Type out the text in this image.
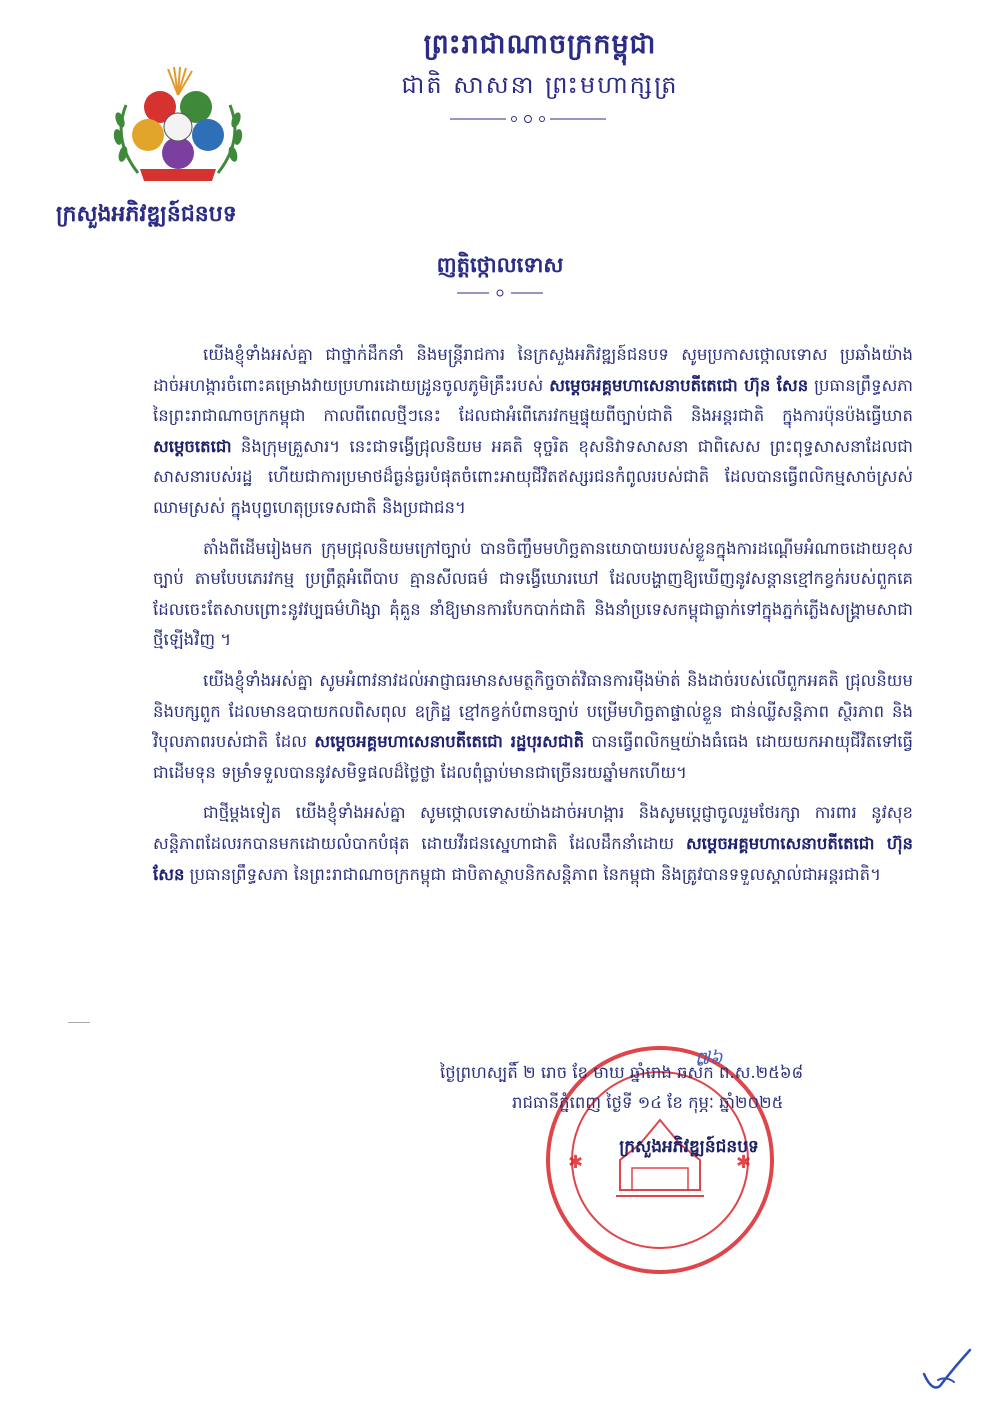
ព្រះរាជាណាចក្រកម្ពុជា
ជាតិ សាសនា ព្រះមហាក្សត្រ
ក្រសួងអភិវឌ្ឍន៍ជនបទ
ញត្តិថ្កោលទោស

យើងខ្ញុំទាំងអស់គ្នា ជាថ្នាក់ដឹកនាំ និងមន្ត្រីរាជការ នៃក្រសួងអភិវឌ្ឍន៍ជនបទ សូមប្រកាសថ្កោលទោស ប្រឆាំងយ៉ាងដាច់អហង្ការចំពោះគម្រោងវាយប្រហារដោយដ្រូនចូលភូមិគ្រឹះរបស់ សម្ដេចអគ្គមហាសេនាបតីតេជោ ហ៊ុន សែន ប្រធានព្រឹទ្ធសភា នៃព្រះរាជាណាចក្រកម្ពុជា កាលពីពេលថ្មីៗនេះ ដែលជាអំពើភេរវកម្មផ្ទុយពីច្បាប់ជាតិ និងអន្តរជាតិ ក្នុងការប៉ុនប៉ងធ្វើឃាត សម្ដេចតេជោ និងក្រុមគ្រួសារ។ នេះជាទង្វើជ្រុលនិយម អគតិ ទុច្ចរិត ខុសនិវាទសាសនា ជាពិសេស ព្រះពុទ្ធសាសនាដែលជាសាសនារបស់រដ្ឋ ហើយជាការប្រមាថដ៏ធ្ងន់ធ្ងរបំផុតចំពោះអាយុជីវិតឥស្សរជនកំពូលរបស់ជាតិ ដែលបានធ្វើពលិកម្មសាច់ស្រស់ឈាមស្រស់ ក្នុងបុព្វហេតុប្រទេសជាតិ និងប្រជាជន។

តាំងពីដើមរៀងមក ក្រុមជ្រុលនិយមក្រៅច្បាប់ បានចិញ្ចឹមមហិច្ឆតានយោបាយរបស់ខ្លួនក្នុងការដណ្ដើមអំណាចដោយខុសច្បាប់ តាមបែបភេរវកម្ម ប្រព្រឹត្តអំពើបាប គ្មានសីលធម៌ ជាទង្វើឃោរឃៅ ដែលបង្ហាញឱ្យឃើញនូវសន្តានខ្មៅកខ្វក់របស់ពួកគេ ដែលចេះតែសាបព្រោះនូវវប្បធម៌ហិង្សា គុំគួន នាំឱ្យមានការបែកបាក់ជាតិ និងនាំប្រទេសកម្ពុជាធ្លាក់ទៅក្នុងភ្នក់ភ្លើងសង្គ្រាមសាជាថ្មីឡើងវិញ ។

យើងខ្ញុំទាំងអស់គ្នា សូមអំពាវនាវដល់អាជ្ញាធរមានសមត្ថកិច្ចចាត់វិធានការម៉ឺងម៉ាត់ និងដាច់របស់លើពួកអគតិ ជ្រុលនិយម និងបក្សពួក ដែលមានឧបាយកលពិសពុល ឧក្រិដ្ឋ ខ្មៅកខ្វក់បំពានច្បាប់ បម្រើមហិច្ឆតាផ្ទាល់ខ្លួន ជាន់ឈ្លីសន្តិភាព ស្ថិរភាព និងវិបុលភាពរបស់ជាតិ ដែល សម្ដេចអគ្គមហាសេនាបតីតេជោ រដ្ឋបុរសជាតិ បានធ្វើពលិកម្មយ៉ាងធំធេង ដោយយកអាយុជីវិតទៅធ្វើជាដើមទុន ទម្រាំទទួលបាននូវសមិទ្ធផលដ៏ថ្លៃថ្លា ដែលពុំធ្លាប់មានជាច្រើនរយឆ្នាំមកហើយ។

ជាថ្មីម្ដងទៀត យើងខ្ញុំទាំងអស់គ្នា សូមថ្កោលទោសយ៉ាងដាច់អហង្ការ និងសូមប្ដេជ្ញាចូលរួមថែរក្សា ការពារ នូវសុខសន្តិភាពដែលរកបានមកដោយលំបាកបំផុត ដោយវីរជនស្នេហាជាតិ ដែលដឹកនាំដោយ សម្ដេចអគ្គមហាសេនាបតីតេជោ ហ៊ុន សែន ប្រធានព្រឹទ្ធសភា នៃព្រះរាជាណាចក្រកម្ពុជា ជាបិតាស្ថាបនិកសន្តិភាព នៃកម្ពុជា និងត្រូវបានទទួលស្គាល់ជាអន្តរជាតិ។

✱	✱
ថ្ងៃព្រហស្បតិ៍ ២ រោច ខែ មាឃ ឆ្នាំរោង ឆស័ក ព.ស.២៥៦៨
រាជធានីភ្នំពេញ ថ្ងៃទី ១៤ ខែ កុម្ភៈ ឆ្នាំ២០២៥
៧៦
ក្រសួងអភិវឌ្ឍន៍ជនបទ
